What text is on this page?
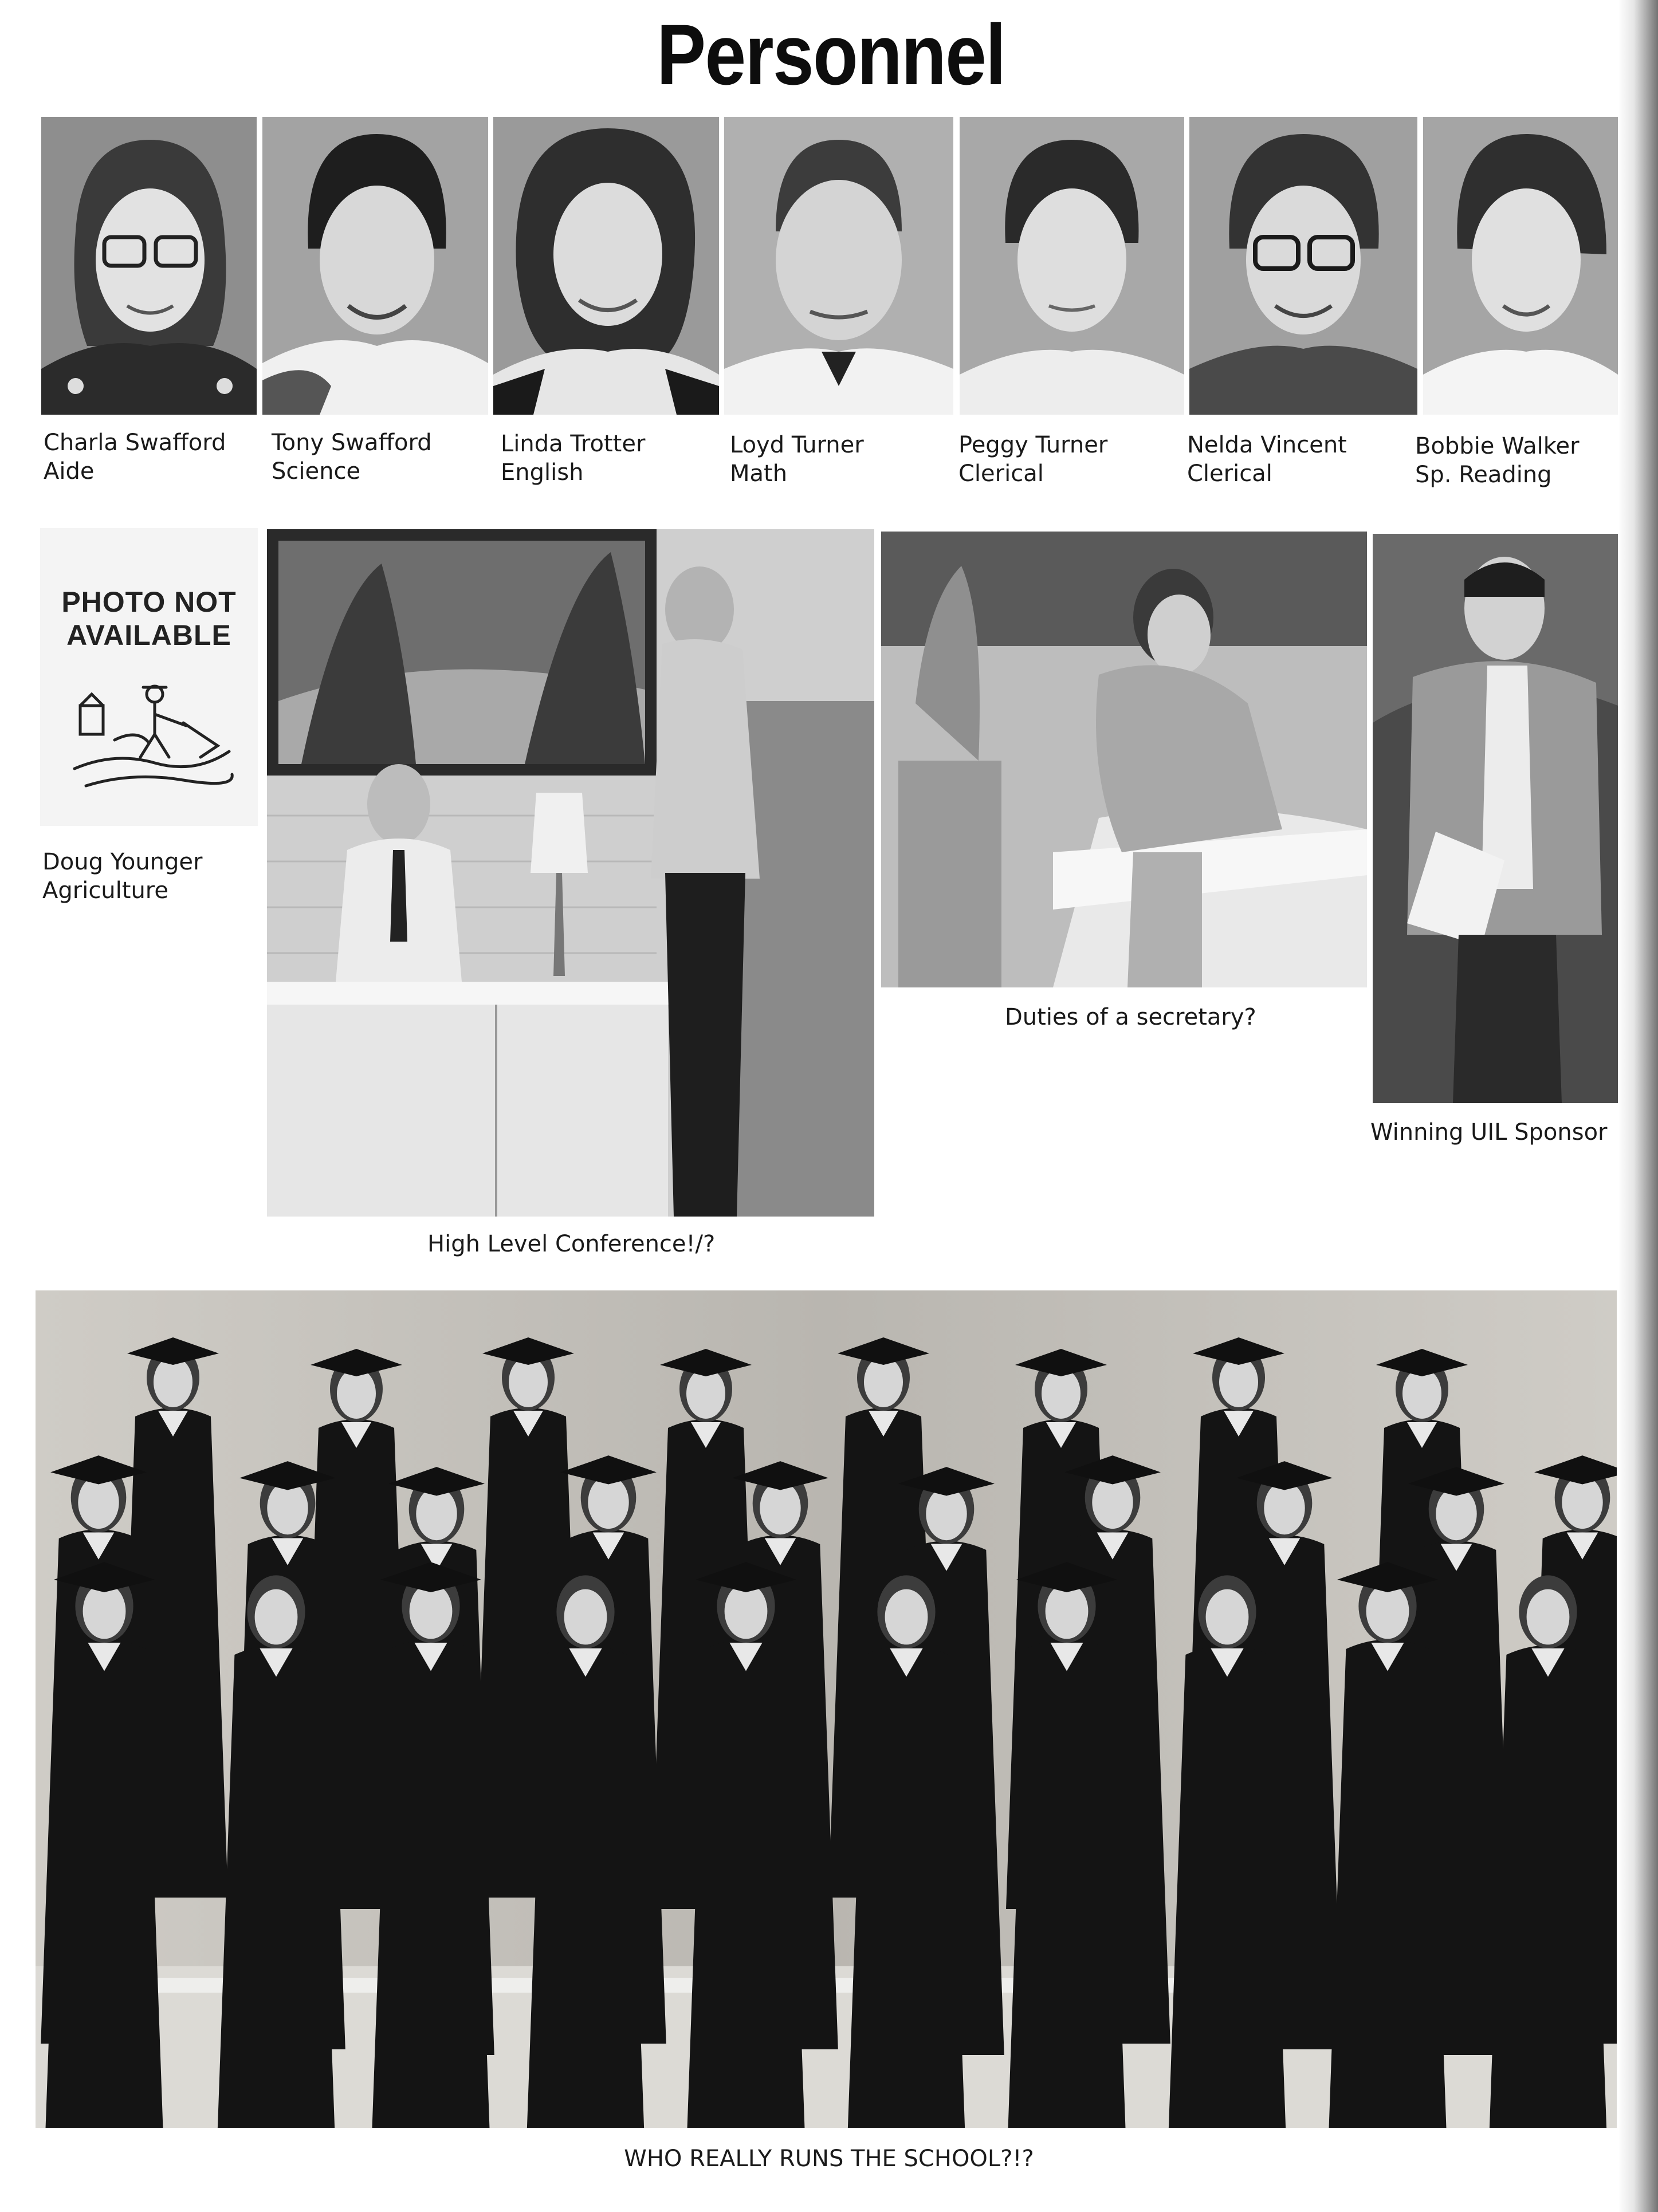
Personnel
Charla Swafford
Aide
Tony Swafford
Science
Linda Trotter
English
Loyd Turner
Math
Peggy Turner
Clerical
Nelda Vincent
Clerical
Bobbie Walker
Sp. Reading
PHOTO NOT
AVAILABLE
Doug Younger
Agriculture
High Level Conference!/?
Duties of a secretary?
Winning UIL Sponsor
WHO REALLY RUNS THE SCHOOL?!?
